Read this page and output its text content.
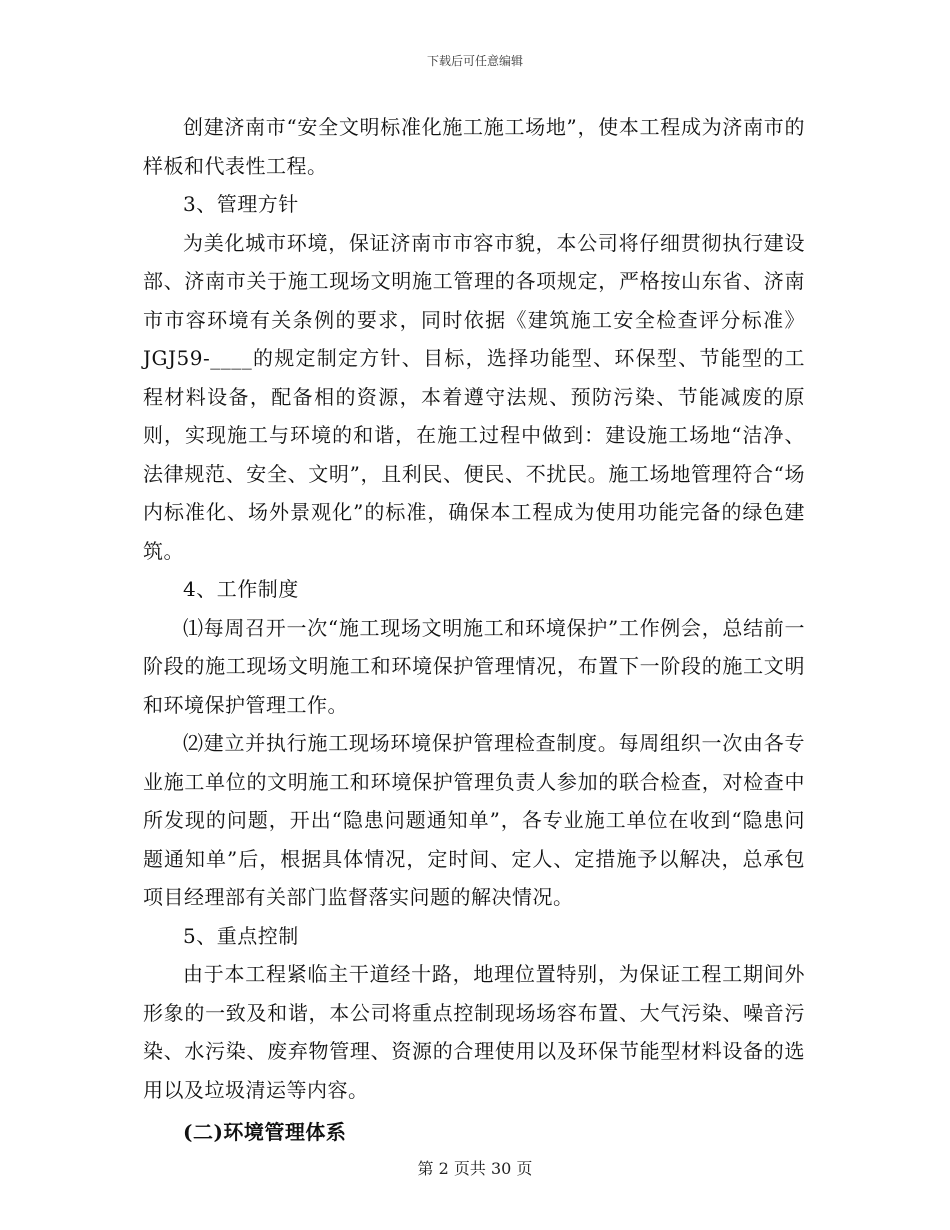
下载后可任意编辑

创建济南市“安全文明标准化施工施工场地”，使本工程成为济南市的样板和代表性工程。

3、管理方针

为美化城市环境，保证济南市市容市貌，本公司将仔细贯彻执行建设部、济南市关于施工现场文明施工管理的各项规定，严格按山东省、济南市市容环境有关条例的要求，同时依据《建筑施工安全检查评分标准》JGJ59-____的规定制定方针、目标，选择功能型、环保型、节能型的工程材料设备，配备相的资源，本着遵守法规、预防污染、节能减废的原则，实现施工与环境的和谐，在施工过程中做到：建设施工场地“洁净、法律规范、安全、文明”，且利民、便民、不扰民。施工场地管理符合“场内标准化、场外景观化”的标准，确保本工程成为使用功能完备的绿色建筑。

4、工作制度

⑴每周召开一次“施工现场文明施工和环境保护”工作例会，总结前一阶段的施工现场文明施工和环境保护管理情况，布置下一阶段的施工文明和环境保护管理工作。

⑵建立并执行施工现场环境保护管理检查制度。每周组织一次由各专业施工单位的文明施工和环境保护管理负责人参加的联合检查，对检查中所发现的问题，开出“隐患问题通知单”，各专业施工单位在收到“隐患问题通知单”后，根据具体情况，定时间、定人、定措施予以解决，总承包项目经理部有关部门监督落实问题的解决情况。

5、重点控制

由于本工程紧临主干道经十路，地理位置特别，为保证工程工期间外形象的一致及和谐，本公司将重点控制现场场容布置、大气污染、噪音污染、水污染、废弃物管理、资源的合理使用以及环保节能型材料设备的选用以及垃圾清运等内容。

(二)环境管理体系

第 2 页共 30 页
